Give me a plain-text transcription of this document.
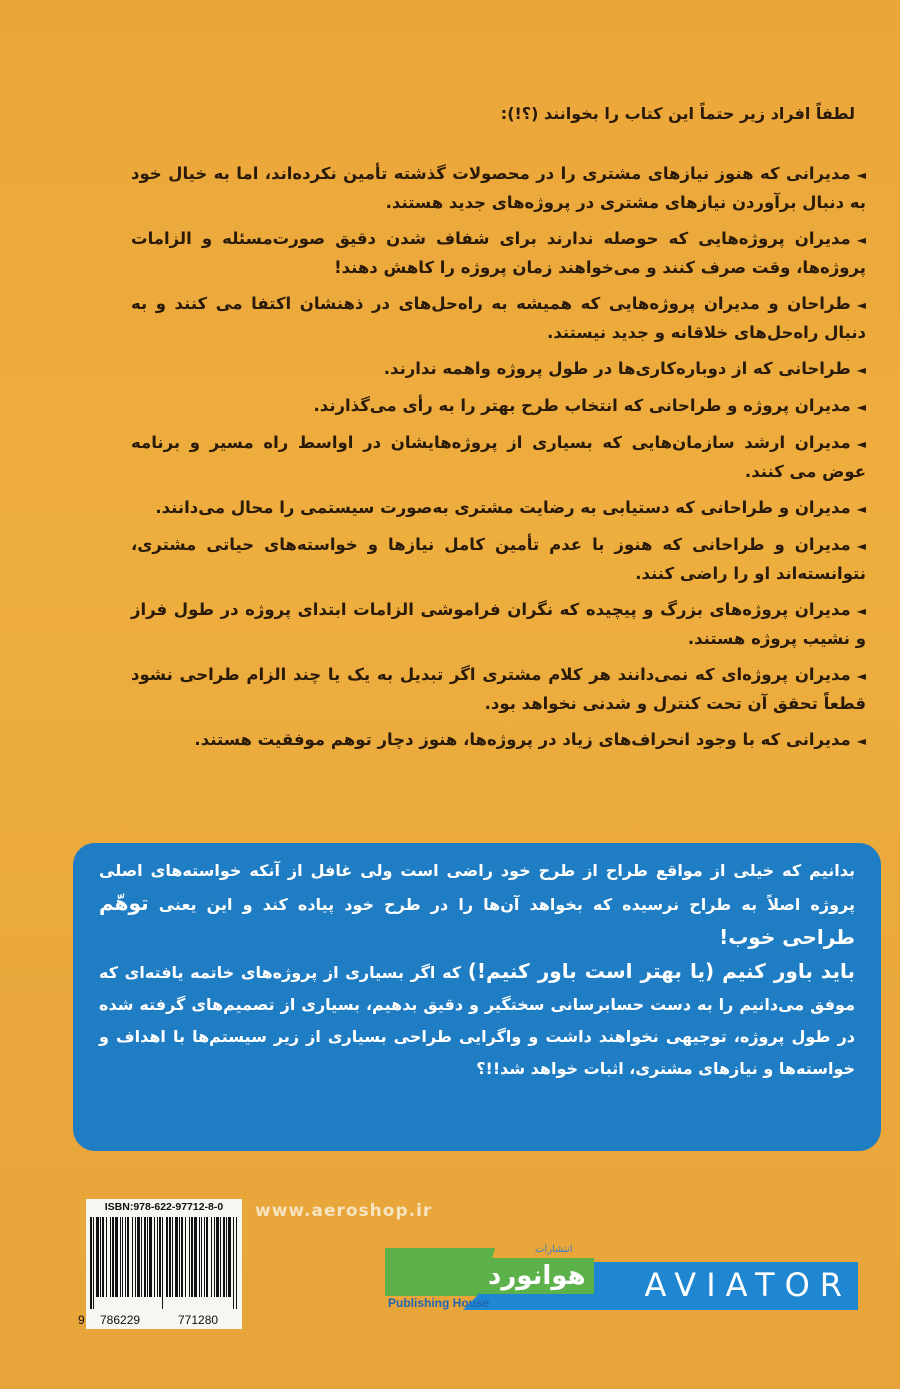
لطفاً افراد زیر حتماً این کتاب را بخوانند (؟!):
◄مدیرانی که هنوز نیازهای مشتری را در محصولات گذشته تأمین نکرده‌اند، اما به خیال خود به دنبال برآوردن نیازهای مشتری در پروژه‌های جدید هستند.
◄مدیران پروژه‌هایی که حوصله ندارند برای شفاف شدن دقیق صورت‌مسئله و الزامات پروژه‌ها، وقت صرف کنند و می‌خواهند زمان پروژه را کاهش دهند!
◄طراحان و مدیران پروژه‌هایی که همیشه به راه‌حل‌های در ذهنشان اکتفا می کنند و به دنبال راه‌حل‌های خلاقانه و جدید نیستند.
◄طراحانی که از دوباره‌کاری‌ها در طول پروژه واهمه ندارند.
◄مدیران پروژه و طراحانی که انتخاب طرح بهتر را به رأی می‌گذارند.
◄مدیران ارشد سازمان‌هایی که بسیاری از پروژه‌هایشان در اواسط راه مسیر و برنامه عوض می کنند.
◄مدیران و طراحانی که دستیابی به رضایت مشتری به‌صورت سیستمی را محال می‌دانند.
◄مدیران و طراحانی که هنوز با عدم تأمین کامل نیازها و خواسته‌های حیاتی مشتری، نتوانسته‌اند او را راضی کنند.
◄مدیران پروژه‌های بزرگ و پیچیده که نگران فراموشی الزامات ابتدای پروژه در طول فراز و نشیب پروژه هستند.
◄مدیران پروژه‌ای که نمی‌دانند هر کلام مشتری اگر تبدیل به یک یا چند الزام طراحی نشود قطعاً تحقق آن تحت کنترل و شدنی نخواهد بود.
◄مدیرانی که با وجود انحراف‌های زیاد در پروژه‌ها، هنوز دچار توهم موفقیت هستند.
بدانیم که خیلی از مواقع طراح از طرح خود راضی است ولی غافل از آنکه خواسته‌های اصلی پروژه اصلاً به طراح نرسیده که بخواهد آن‌ها را در طرح خود پیاده کند و این یعنی توهّم طراحی خوب!
باید باور کنیم (یا بهتر است باور کنیم!) که اگر بسیاری از پروژه‌های خاتمه یافته‌ای که موفق می‌دانیم را به دست حسابرسانی سختگیر و دقیق بدهیم، بسیاری از تصمیم‌های گرفته شده در طول پروژه، توجیهی نخواهند داشت و واگرایی طراحی بسیاری از زیر سیستم‌ها با اهداف و خواسته‌ها و نیازهای مشتری، اثبات خواهد شد!!؟
ISBN:978-622-97712-8-0
9 786229	771280
www.aeroshop.ir
هوانورد
انتشارات
AVIATOR
Publishing House
